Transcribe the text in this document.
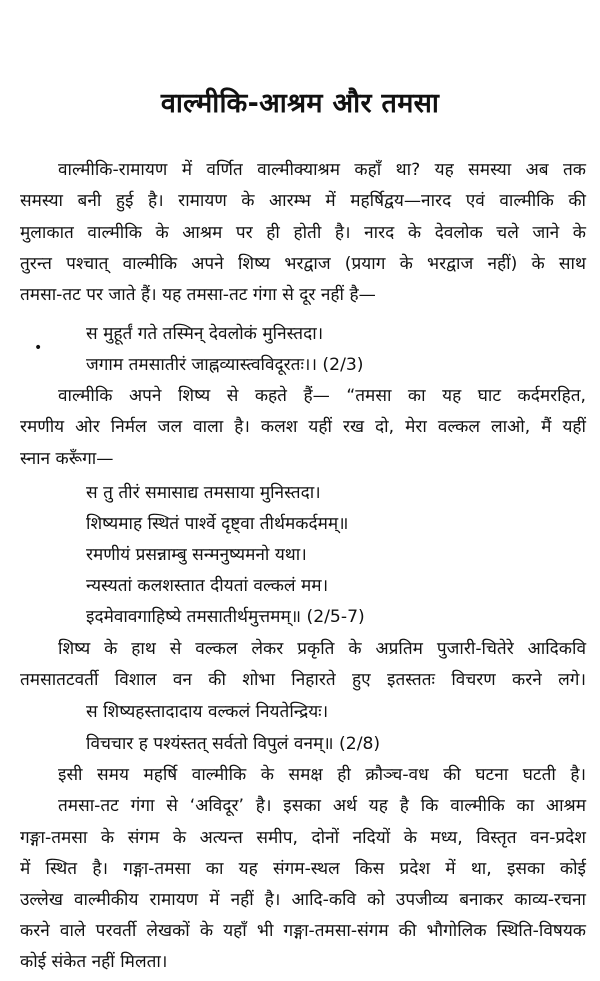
वाल्मीकि-आश्रम और तमसा
•
वाल्मीकि-रामायण में वर्णित वाल्मीक्याश्रम कहाँ था? यह समस्या अब तक
समस्या बनी हुई है। रामायण के आरम्भ में महर्षिद्वय—नारद एवं वाल्मीकि की
मुलाकात वाल्मीकि के आश्रम पर ही होती है। नारद के देवलोक चले जाने के
तुरन्त पश्चात् वाल्मीकि अपने शिष्य भरद्वाज (प्रयाग के भरद्वाज नहीं) के साथ
तमसा-तट पर जाते हैं। यह तमसा-तट गंगा से दूर नहीं है—
स मुहूर्तं गते तस्मिन् देवलोकं मुनिस्तदा।
जगाम तमसातीरं जाह्नव्यास्त्वविदूरतः।। (2/3)
वाल्मीकि अपने शिष्य से कहते हैं— “तमसा का यह घाट कर्दमरहित,
रमणीय ओर निर्मल जल वाला है। कलश यहीं रख दो, मेरा वल्कल लाओ, मैं यहीं
स्नान करूँगा—
स तु तीरं समासाद्य तमसाया मुनिस्तदा।
शिष्यमाह स्थितं पार्श्वे दृष्ट्वा तीर्थमकर्दमम्॥
रमणीयं प्रसन्नाम्बु सन्मनुष्यमनो यथा।
न्यस्यतां कलशस्तात दीयतां वल्कलं मम।
इदमेवावगाहिष्ये तमसातीर्थमुत्तमम्॥ (2/5-7)
शिष्य के हाथ से वल्कल लेकर प्रकृति के अप्रतिम पुजारी-चितेरे आदिकवि
तमसातटवर्ती विशाल वन की शोभा निहारते हुए इतस्ततः विचरण करने लगे।
स शिष्यहस्तादादाय वल्कलं नियतेन्द्रियः।
विचचार ह पश्यंस्तत् सर्वतो विपुलं वनम्॥ (2/8)
इसी समय महर्षि वाल्मीकि के समक्ष ही क्रौञ्च-वध की घटना घटती है।
तमसा-तट गंगा से ‘अविदूर’ है। इसका अर्थ यह है कि वाल्मीकि का आश्रम
गङ्गा-तमसा के संगम के अत्यन्त समीप, दोनों नदियों के मध्य, विस्तृत वन-प्रदेश
में स्थित है। गङ्गा-तमसा का यह संगम-स्थल किस प्रदेश में था, इसका कोई
उल्लेख वाल्मीकीय रामायण में नहीं है। आदि-कवि को उपजीव्य बनाकर काव्य-रचना
करने वाले परवर्ती लेखकों के यहाँ भी गङ्गा-तमसा-संगम की भौगोलिक स्थिति-विषयक
कोई संकेत नहीं मिलता।
